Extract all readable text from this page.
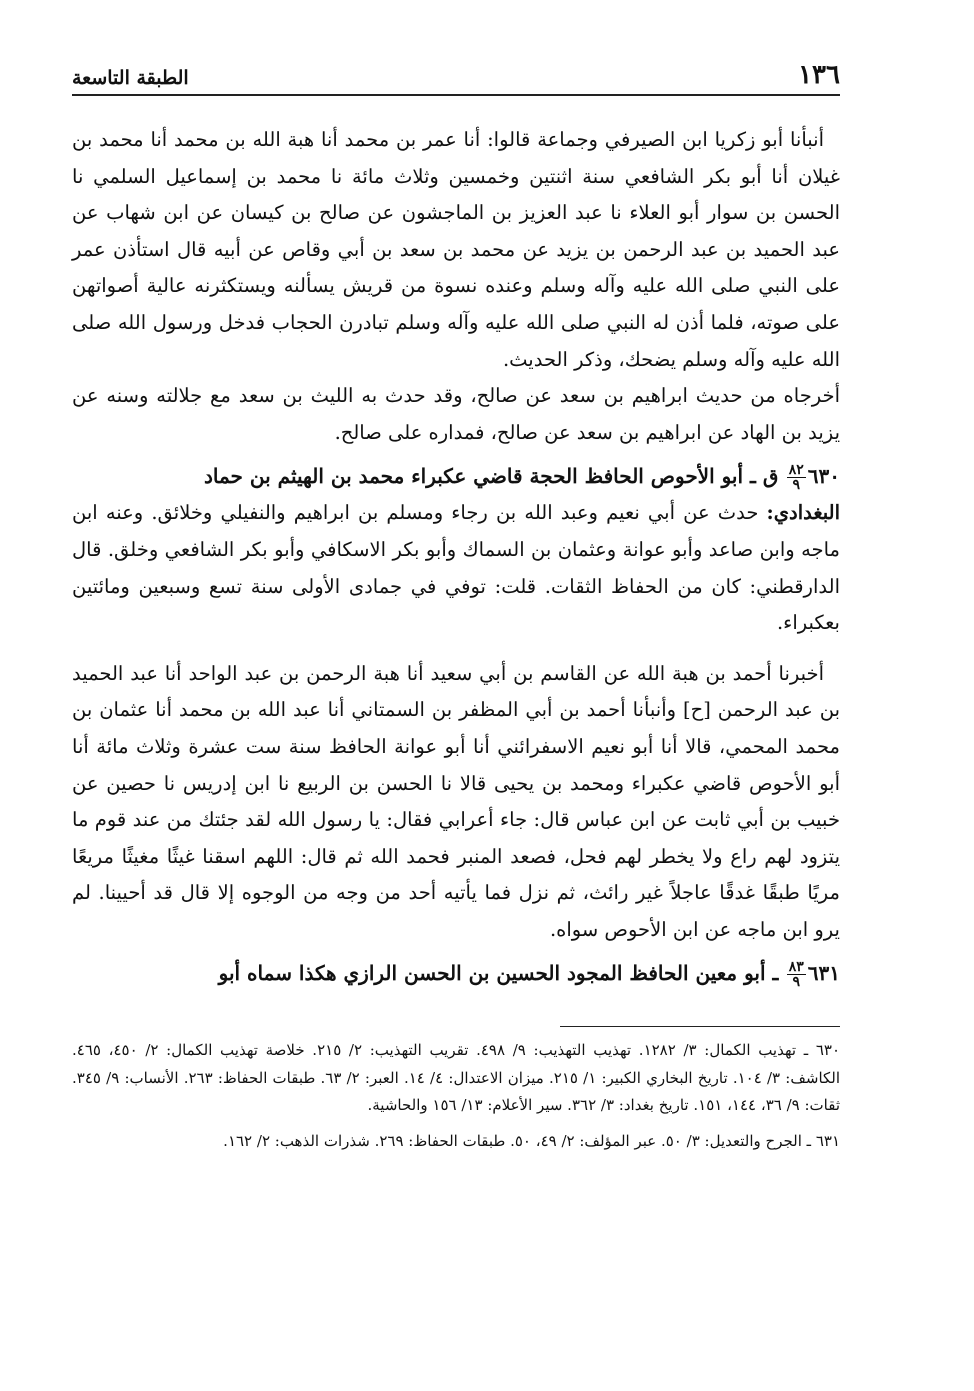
١٣٦
الطبقة التاسعة

أنبأنا أبو زكريا ابن الصيرفي وجماعة قالوا: أنا عمر بن محمد أنا هبة الله بن محمد أنا محمد بن غيلان أنا أبو بكر الشافعي سنة اثنتين وخمسين وثلاث مائة نا محمد بن إسماعيل السلمي نا الحسن بن سوار أبو العلاء نا عبد العزيز بن الماجشون عن صالح بن كيسان عن ابن شهاب عن عبد الحميد بن عبد الرحمن بن يزيد عن محمد بن سعد بن أبي وقاص عن أبيه قال استأذن عمر على النبي صلى الله عليه وآله وسلم وعنده نسوة من قريش يسألنه ويستكثرنه عالية أصواتهن على صوته، فلما أذن له النبي صلى الله عليه وآله وسلم تبادرن الحجاب فدخل ورسول الله صلى الله عليه وآله وسلم يضحك، وذكر الحديث.

أخرجاه من حديث ابراهيم بن سعد عن صالح، وقد حدث به الليث بن سعد مع جلالته وسنه عن يزيد بن الهاد عن ابراهيم بن سعد عن صالح، فمداره على صالح.

٦٣٠
$\frac{٨٢}{٩}$
ق ـ أبو الأحوص الحافظ الحجة قاضي عكبراء محمد بن الهيثم بن حماد

البغدادي: حدث عن أبي نعيم وعبد الله بن رجاء ومسلم بن ابراهيم والنفيلي وخلائق. وعنه ابن ماجه وابن صاعد وأبو عوانة وعثمان بن السماك وأبو بكر الاسكافي وأبو بكر الشافعي وخلق. قال الدارقطني: كان من الحفاظ الثقات. قلت: توفي في جمادى الأولى سنة تسع وسبعين ومائتين بعكبراء.

أخبرنا أحمد بن هبة الله عن القاسم بن أبي سعيد أنا هبة الرحمن بن عبد الواحد أنا عبد الحميد بن عبد الرحمن [ح] وأنبأنا أحمد بن أبي المظفر بن السمتاني أنا عبد الله بن محمد أنا عثمان بن محمد المحمي، قالا أنا أبو نعيم الاسفرائني أنا أبو عوانة الحافظ سنة ست عشرة وثلاث مائة أنا أبو الأحوص قاضي عكبراء ومحمد بن يحيى قالا نا الحسن بن الربيع نا ابن إدريس نا حصين عن خبيب بن أبي ثابت عن ابن عباس قال: جاء أعرابي فقال: يا رسول الله لقد جئتك من عند قوم ما يتزود لهم راع ولا يخطر لهم فحل، فصعد المنبر فحمد الله ثم قال: اللهم اسقنا غيثًا مغيثًا مريعًا مريًا طبقًا غدقًا عاجلاً غير رائث، ثم نزل فما يأتيه أحد من وجه من الوجوه إلا قال قد أحيينا. لم يرو ابن ماجه عن ابن الأحوص سواه.

٦٣١
$\frac{٨٣}{٩}$
ـ أبو معين الحافظ المجود الحسين بن الحسن الرازي هكذا سماه أبو

٦٣٠ ـ تهذيب الكمال: ٣/ ١٢٨٢. تهذيب التهذيب: ٩/ ٤٩٨. تقريب التهذيب: ٢/ ٢١٥. خلاصة تهذيب الكمال: ٢/ ٤٥٠، ٤٦٥. الكاشف: ٣/ ١٠٤. تاريخ البخاري الكبير: ١/ ٢١٥. ميزان الاعتدال: ٤/ ١٤. العبر: ٢/ ٦٣. طبقات الحفاظ: ٢٦٣. الأنساب: ٩/ ٣٤٥. ثقات: ٩/ ٣٦، ١٤٤، ١٥١. تاريخ بغداد: ٣/ ٣٦٢. سير الأعلام: ١٣/ ١٥٦ والحاشية.

٦٣١ ـ الجرح والتعديل: ٣/ ٥٠. عبر المؤلف: ٢/ ٤٩، ٥٠. طبقات الحفاظ: ٢٦٩. شذرات الذهب: ٢/ ١٦٢.
